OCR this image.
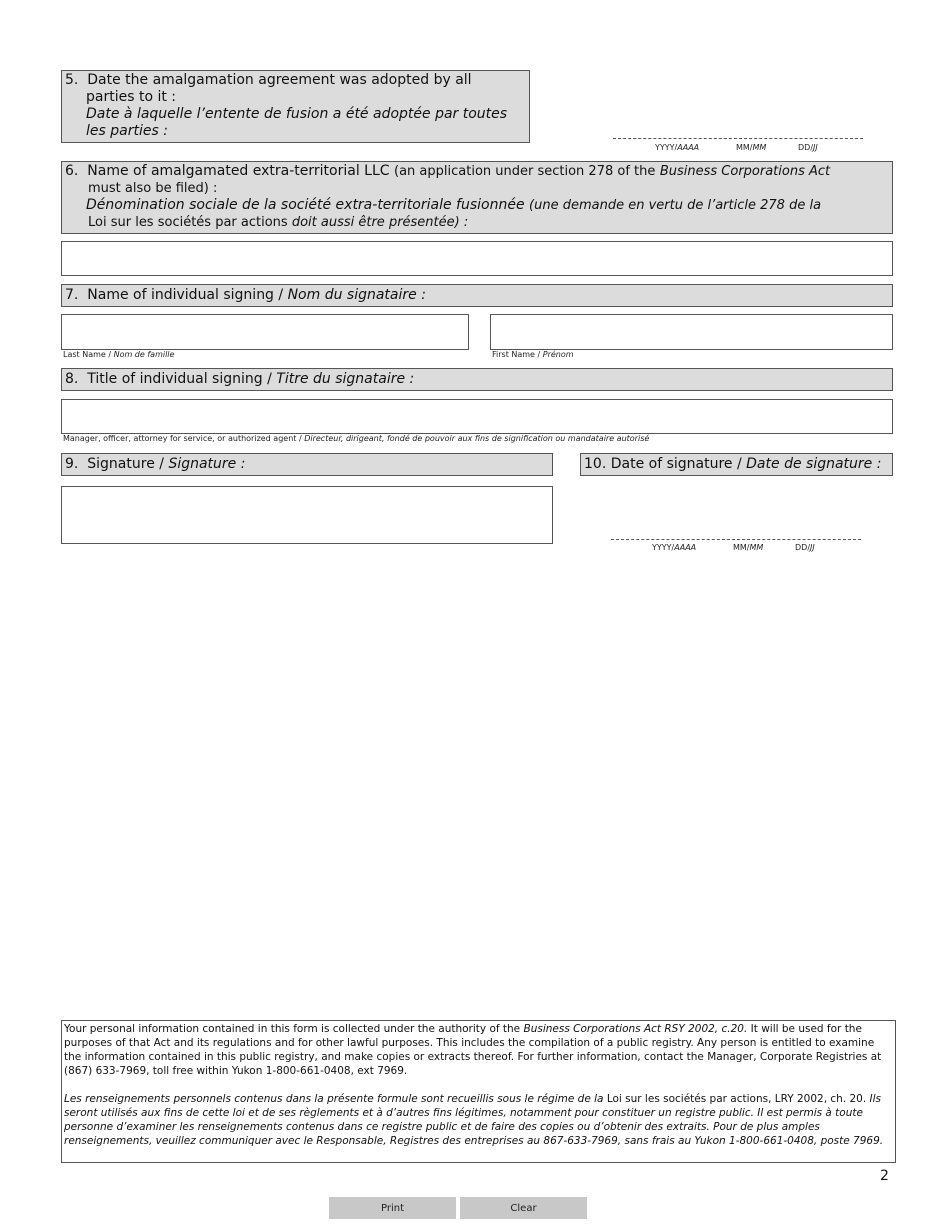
5. Date the amalgamation agreement was adopted by all
parties to it :
Date à laquelle l’entente de fusion a été adoptée par toutes
les parties :
YYYY/AAAA	MM/MM	DD/JJ
6. Name of amalgamated extra-territorial LLC (an application under section 278 of the Business Corporations Act
must also be filed) :
Dénomination sociale de la société extra-territoriale fusionnée (une demande en vertu de l’article 278 de la
Loi sur les sociétés par actions doit aussi être présentée) :
7. Name of individual signing / Nom du signataire :
Last Name / Nom de famille	First Name / Prénom
8. Title of individual signing / Titre du signataire :
Manager, officer, attorney for service, or authorized agent / Directeur, dirigeant, fondé de pouvoir aux fins de signification ou mandataire autorisé
9. Signature / Signature :	10. Date of signature / Date de signature :
YYYY/AAAA	MM/MM	DD/JJ
Your personal information contained in this form is collected under the authority of the Business Corporations Act RSY 2002, c.20. It will be used for the purposes of that Act and its regulations and for other lawful purposes. This includes the compilation of a public registry. Any person is entitled to examine the information contained in this public registry, and make copies or extracts thereof. For further information, contact the Manager, Corporate Registries at (867) 633-7969, toll free within Yukon 1-800-661-0408, ext 7969.
Les renseignements personnels contenus dans la présente formule sont recueillis sous le régime de la Loi sur les sociétés par actions, LRY 2002, ch. 20. Ils seront utilisés aux fins de cette loi et de ses règlements et à d’autres fins légitimes, notamment pour constituer un registre public. Il est permis à toute personne d’examiner les renseignements contenus dans ce registre public et de faire des copies ou d’obtenir des extraits. Pour de plus amples renseignements, veuillez communiquer avec le Responsable, Registres des entreprises au 867-633-7969, sans frais au Yukon 1-800-661-0408, poste 7969.
2
Print	Clear
